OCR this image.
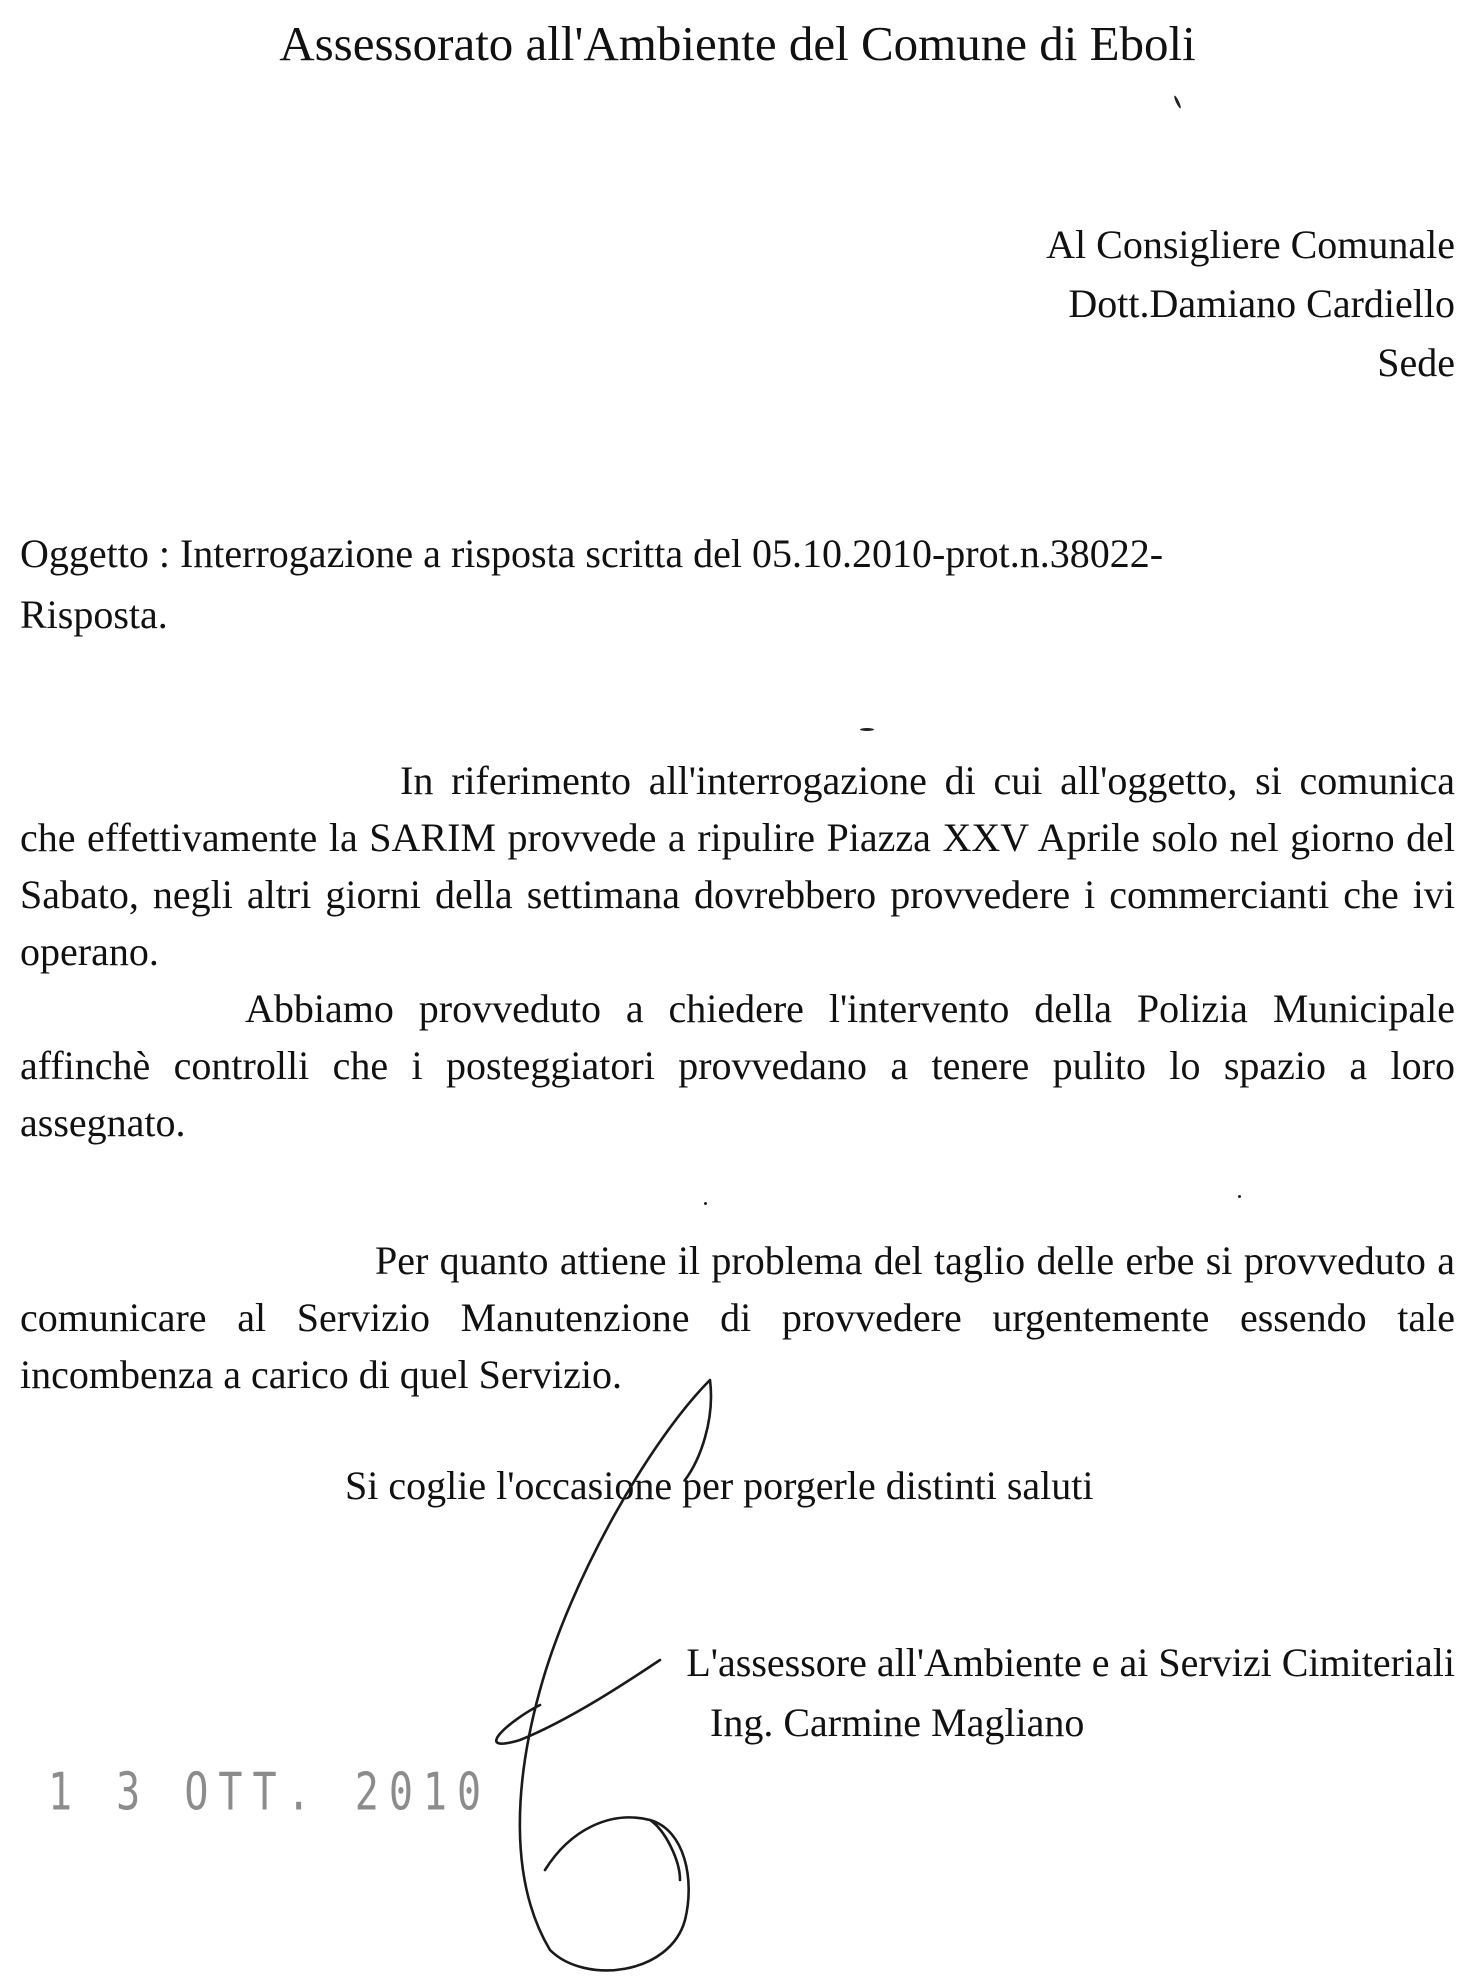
Assessorato all'Ambiente del Comune di Eboli
Al Consigliere Comunale
Dott.Damiano Cardiello
Sede
Oggetto : Interrogazione a risposta scritta del 05.10.2010-prot.n.38022-
Risposta.

In riferimento all'interrogazione di cui all'oggetto, si comunica che effettivamente la SARIM provvede a ripulire Piazza XXV Aprile solo nel giorno del Sabato, negli altri giorni della settimana dovrebbero provvedere i commercianti che ivi operano.

Abbiamo provveduto a chiedere l'intervento della Polizia Municipale affinchè controlli che i posteggiatori provvedano a tenere pulito lo spazio a loro assegnato.

Per quanto attiene il problema del taglio delle erbe si provveduto a comunicare al Servizio Manutenzione di provvedere urgentemente essendo tale incombenza a carico di quel Servizio.

Si coglie l'occasione per porgerle distinti saluti
L'assessore all'Ambiente e ai Servizi Cimiteriali
Ing. Carmine Magliano
1 3 OTT. 2010
